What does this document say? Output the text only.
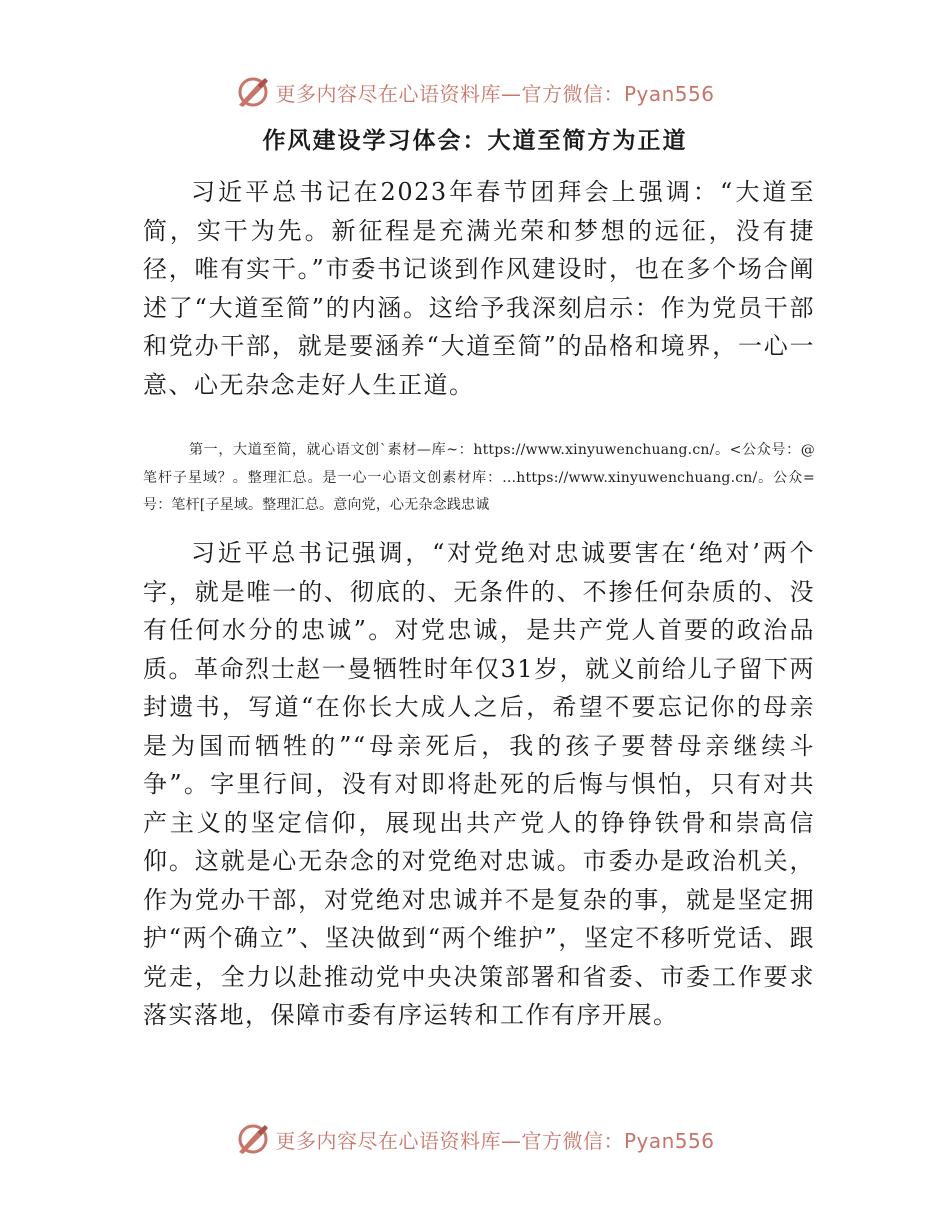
更多内容尽在心语资料库—官方微信：Pyan556
作风建设学习体会：大道至简方为正道

习近平总书记在2023年春节团拜会上强调：“大道至简，实干为先。新征程是充满光荣和梦想的远征，没有捷径，唯有实干。”市委书记谈到作风建设时，也在多个场合阐述了“大道至简”的内涵。这给予我深刻启示：作为党员干部和党办干部，就是要涵养“大道至简”的品格和境界，一心一意、心无杂念走好人生正道。

第一，大道至简，就心语文创`素材—库~：https://www.xinyuwenchuang.cn/。<公众号：@笔杆子星域？。整理汇总。是一心一心语文创素材库：…https://www.xinyuwenchuang.cn/。公众=号：笔杆[子星域。整理汇总。意向党，心无杂念践忠诚

习近平总书记强调，“对党绝对忠诚要害在‘绝对’两个字，就是唯一的、彻底的、无条件的、不掺任何杂质的、没有任何水分的忠诚”。对党忠诚，是共产党人首要的政治品质。革命烈士赵一曼牺牲时年仅31岁，就义前给儿子留下两封遗书，写道“在你长大成人之后，希望不要忘记你的母亲是为国而牺牲的”“母亲死后，我的孩子要替母亲继续斗争”。字里行间，没有对即将赴死的后悔与惧怕，只有对共产主义的坚定信仰，展现出共产党人的铮铮铁骨和崇高信仰。这就是心无杂念的对党绝对忠诚。市委办是政治机关，作为党办干部，对党绝对忠诚并不是复杂的事，就是坚定拥护“两个确立”、坚决做到“两个维护”，坚定不移听党话、跟党走，全力以赴推动党中央决策部署和省委、市委工作要求落实落地，保障市委有序运转和工作有序开展。

更多内容尽在心语资料库—官方微信：Pyan556
